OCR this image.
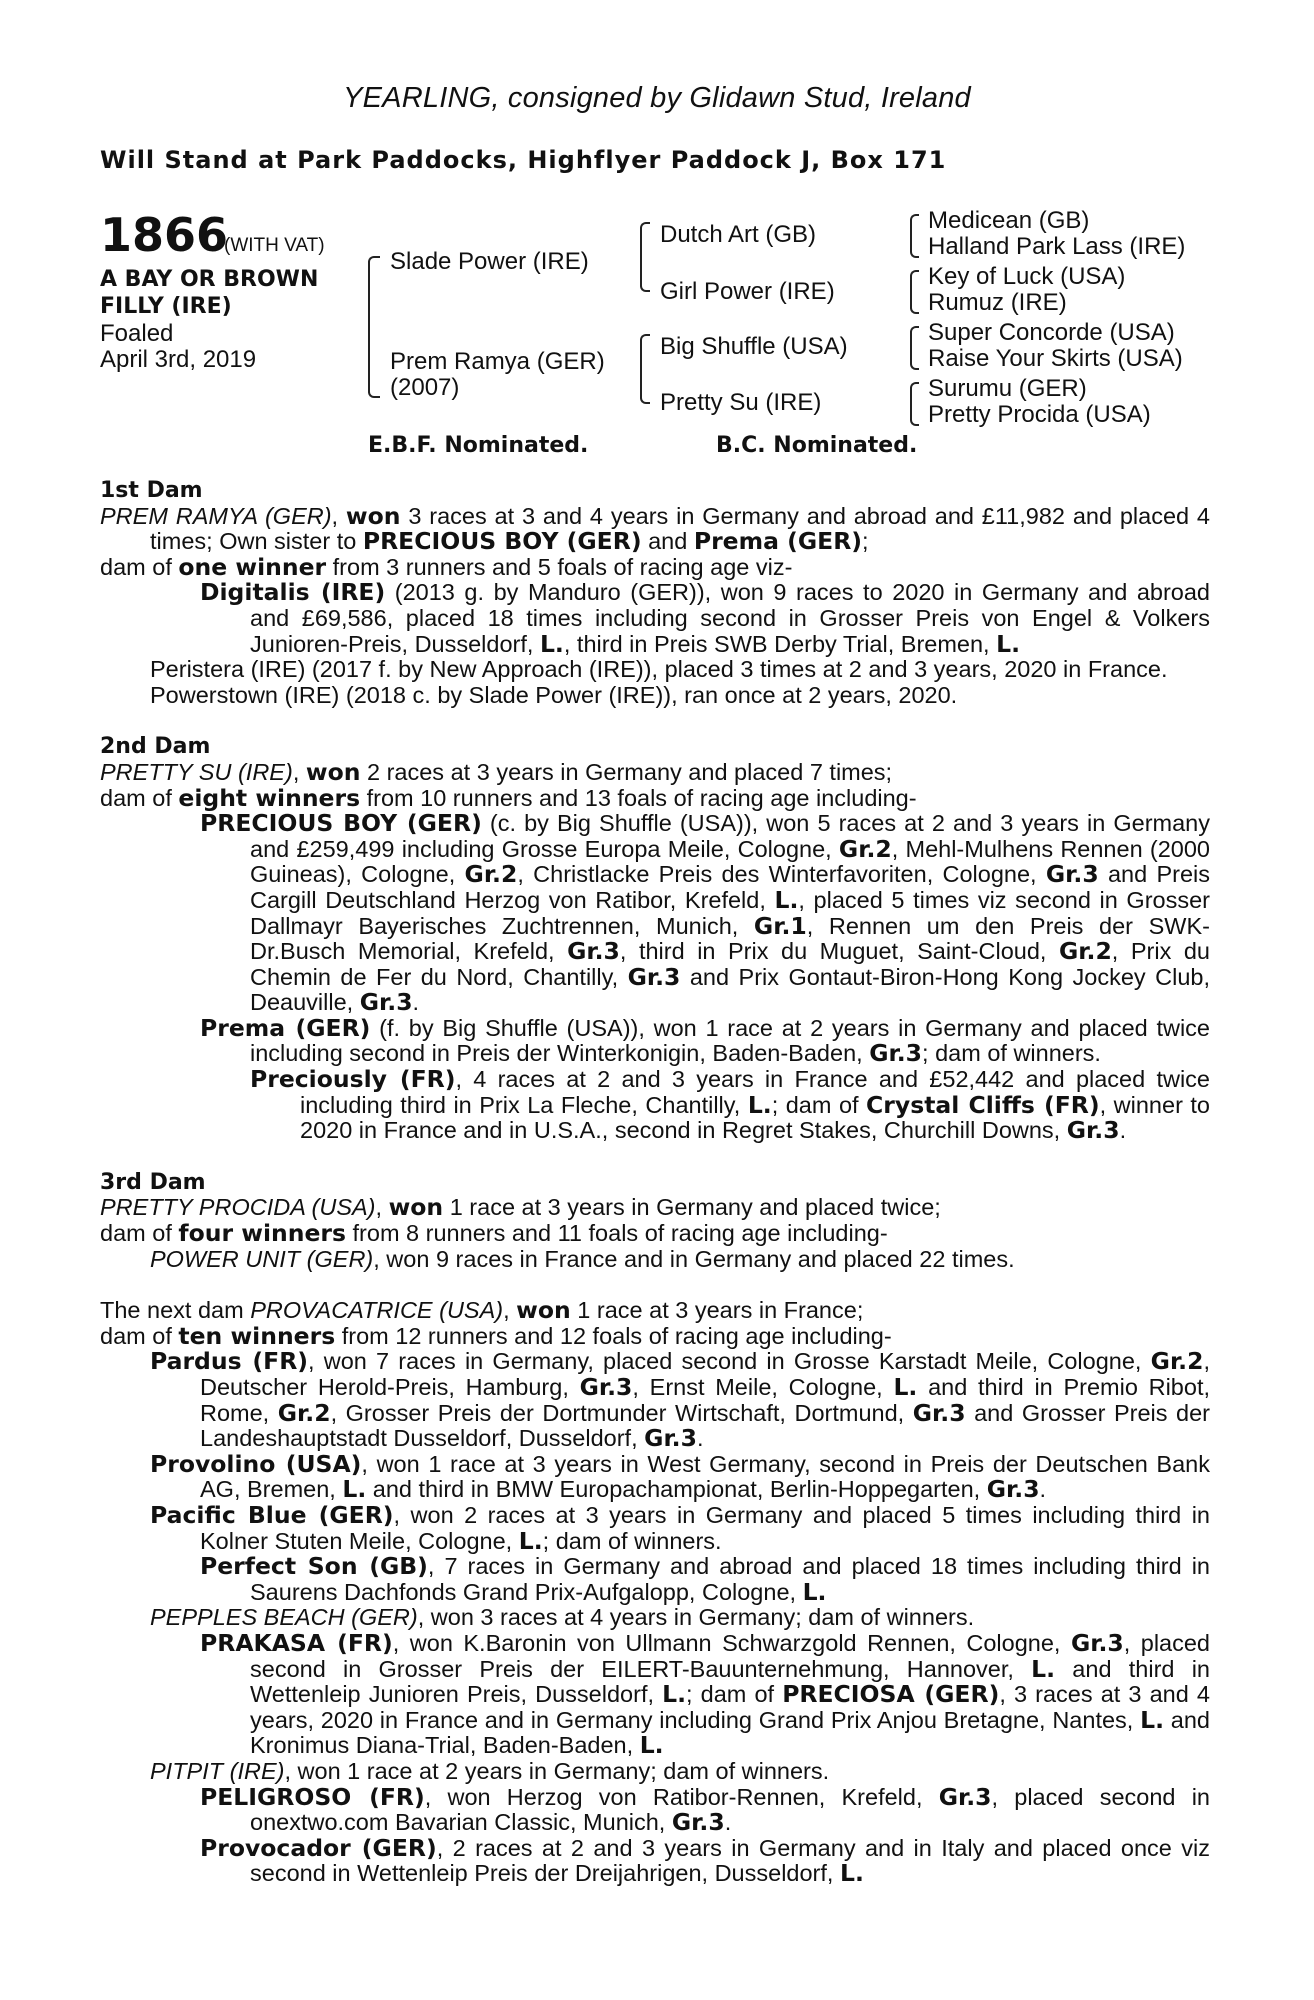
YEARLING, consigned by Glidawn Stud, Ireland
Will Stand at Park Paddocks, Highflyer Paddock J, Box 171
1866
(WITH VAT)
A BAY OR BROWN
FILLY (IRE)
Foaled
April 3rd, 2019
Slade Power (IRE)
Prem Ramya (GER)
(2007)
Dutch Art (GB)
Girl Power (IRE)
Big Shuffle (USA)
Pretty Su (IRE)
Medicean (GB)
Halland Park Lass (IRE)
Key of Luck (USA)
Rumuz (IRE)
Super Concorde (USA)
Raise Your Skirts (USA)
Surumu (GER)
Pretty Procida (USA)
E.B.F. Nominated.	B.C. Nominated.

1st Dam

PREM RAMYA (GER), won 3 races at 3 and 4 years in Germany and abroad and £11,982 and placed 4 times; Own sister to PRECIOUS BOY (GER) and Prema (GER);

dam of one winner from 3 runners and 5 foals of racing age viz-

Digitalis (IRE) (2013 g. by Manduro (GER)), won 9 races to 2020 in Germany and abroad and £69,586, placed 18 times including second in Grosser Preis von Engel & Volkers Junioren-Preis, Dusseldorf, L., third in Preis SWB Derby Trial, Bremen, L.

Peristera (IRE) (2017 f. by New Approach (IRE)), placed 3 times at 2 and 3 years, 2020 in France.

Powerstown (IRE) (2018 c. by Slade Power (IRE)), ran once at 2 years, 2020.

2nd Dam

PRETTY SU (IRE), won 2 races at 3 years in Germany and placed 7 times;

dam of eight winners from 10 runners and 13 foals of racing age including-

PRECIOUS BOY (GER) (c. by Big Shuffle (USA)), won 5 races at 2 and 3 years in Germany and £259,499 including Grosse Europa Meile, Cologne, Gr.2, Mehl-Mulhens Rennen (2000 Guineas), Cologne, Gr.2, Christlacke Preis des Winterfavoriten, Cologne, Gr.3 and Preis Cargill Deutschland Herzog von Ratibor, Krefeld, L., placed 5 times viz second in Grosser Dallmayr Bayerisches Zuchtrennen, Munich, Gr.1, Rennen um den Preis der SWK-Dr.Busch Memorial, Krefeld, Gr.3, third in Prix du Muguet, Saint-Cloud, Gr.2, Prix du Chemin de Fer du Nord, Chantilly, Gr.3 and Prix Gontaut-Biron-Hong Kong Jockey Club, Deauville, Gr.3.

Prema (GER) (f. by Big Shuffle (USA)), won 1 race at 2 years in Germany and placed twice including second in Preis der Winterkonigin, Baden-Baden, Gr.3; dam of winners.

Preciously (FR), 4 races at 2 and 3 years in France and £52,442 and placed twice including third in Prix La Fleche, Chantilly, L.; dam of Crystal Cliffs (FR), winner to 2020 in France and in U.S.A., second in Regret Stakes, Churchill Downs, Gr.3.

3rd Dam

PRETTY PROCIDA (USA), won 1 race at 3 years in Germany and placed twice;

dam of four winners from 8 runners and 11 foals of racing age including-

POWER UNIT (GER), won 9 races in France and in Germany and placed 22 times.

The next dam PROVACATRICE (USA), won 1 race at 3 years in France;

dam of ten winners from 12 runners and 12 foals of racing age including-

Pardus (FR), won 7 races in Germany, placed second in Grosse Karstadt Meile, Cologne, Gr.2, Deutscher Herold-Preis, Hamburg, Gr.3, Ernst Meile, Cologne, L. and third in Premio Ribot, Rome, Gr.2, Grosser Preis der Dortmunder Wirtschaft, Dortmund, Gr.3 and Grosser Preis der Landeshauptstadt Dusseldorf, Dusseldorf, Gr.3.

Provolino (USA), won 1 race at 3 years in West Germany, second in Preis der Deutschen Bank AG, Bremen, L. and third in BMW Europachampionat, Berlin-Hoppegarten, Gr.3.

Pacific Blue (GER), won 2 races at 3 years in Germany and placed 5 times including third in Kolner Stuten Meile, Cologne, L.; dam of winners.

Perfect Son (GB), 7 races in Germany and abroad and placed 18 times including third in Saurens Dachfonds Grand Prix-Aufgalopp, Cologne, L.

PEPPLES BEACH (GER), won 3 races at 4 years in Germany; dam of winners.

PRAKASA (FR), won K.Baronin von Ullmann Schwarzgold Rennen, Cologne, Gr.3, placed second in Grosser Preis der EILERT-Bauunternehmung, Hannover, L. and third in Wettenleip Junioren Preis, Dusseldorf, L.; dam of PRECIOSA (GER), 3 races at 3 and 4 years, 2020 in France and in Germany including Grand Prix Anjou Bretagne, Nantes, L. and Kronimus Diana-Trial, Baden-Baden, L.

PITPIT (IRE), won 1 race at 2 years in Germany; dam of winners.

PELIGROSO (FR), won Herzog von Ratibor-Rennen, Krefeld, Gr.3, placed second in onextwo.com Bavarian Classic, Munich, Gr.3.

Provocador (GER), 2 races at 2 and 3 years in Germany and in Italy and placed once viz second in Wettenleip Preis der Dreijahrigen, Dusseldorf, L.
